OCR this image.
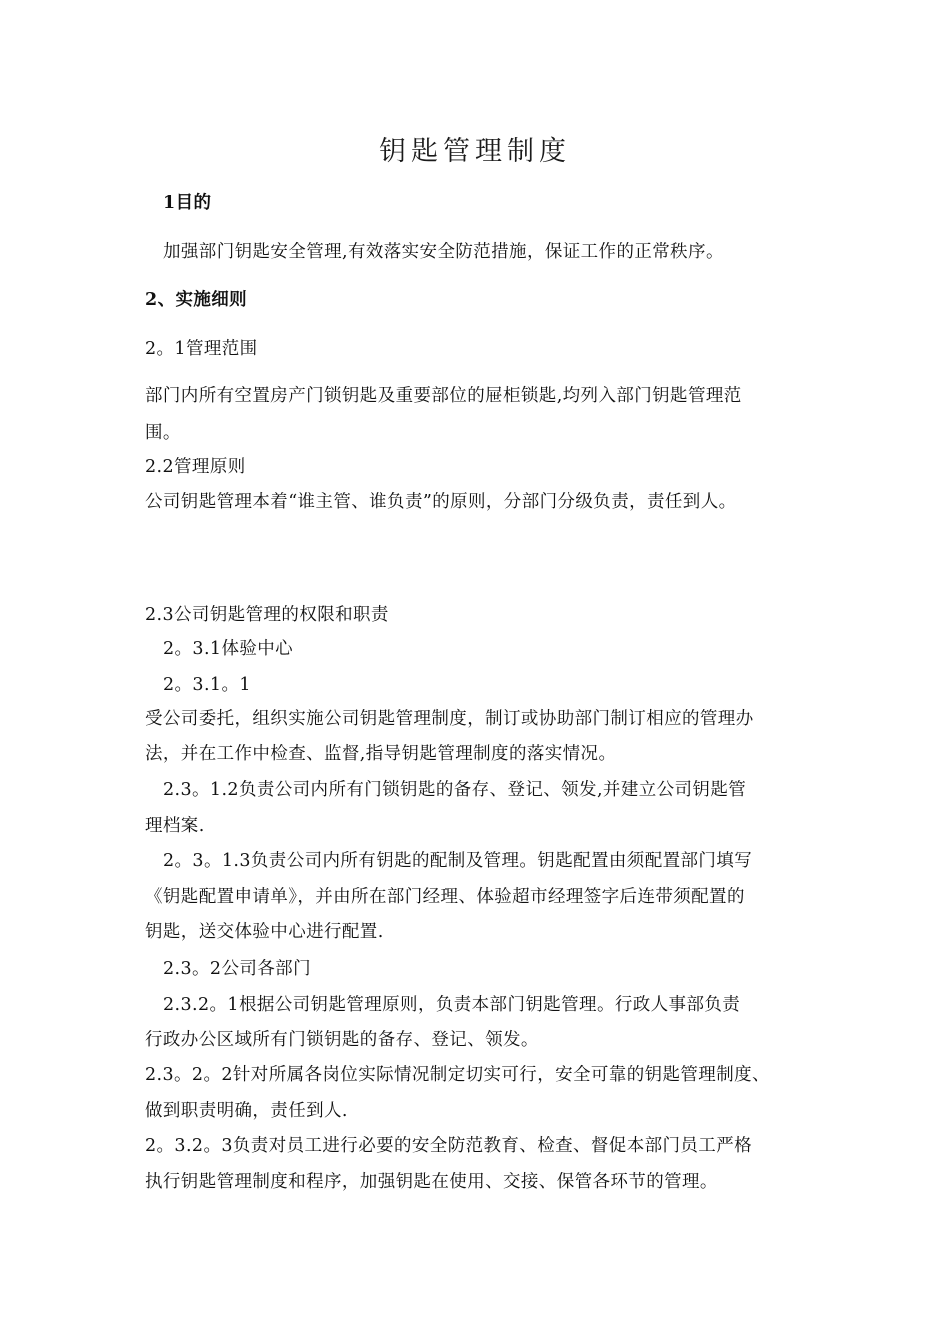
钥匙管理制度
1目的
加强部门钥匙安全管理,有效落实安全防范措施，保证工作的正常秩序。
2、实施细则
2。1管理范围
部门内所有空置房产门锁钥匙及重要部位的屉柜锁匙,均列入部门钥匙管理范
围。
2.2管理原则
公司钥匙管理本着“谁主管、谁负责”的原则，分部门分级负责，责任到人。
2.3公司钥匙管理的权限和职责
2。3.1体验中心
2。3.1。1
受公司委托，组织实施公司钥匙管理制度，制订或协助部门制订相应的管理办
法，并在工作中检查、监督,指导钥匙管理制度的落实情况。
2.3。1.2负责公司内所有门锁钥匙的备存、登记、领发,并建立公司钥匙管
理档案.
2。3。1.3负责公司内所有钥匙的配制及管理。钥匙配置由须配置部门填写
《钥匙配置申请单》，并由所在部门经理、体验超市经理签字后连带须配置的
钥匙，送交体验中心进行配置.
2.3。2公司各部门
2.3.2。1根据公司钥匙管理原则，负责本部门钥匙管理。行政人事部负责
行政办公区域所有门锁钥匙的备存、登记、领发。
2.3。2。2针对所属各岗位实际情况制定切实可行，安全可靠的钥匙管理制度、
做到职责明确，责任到人.
2。3.2。3负责对员工进行必要的安全防范教育、检查、督促本部门员工严格
执行钥匙管理制度和程序，加强钥匙在使用、交接、保管各环节的管理。
